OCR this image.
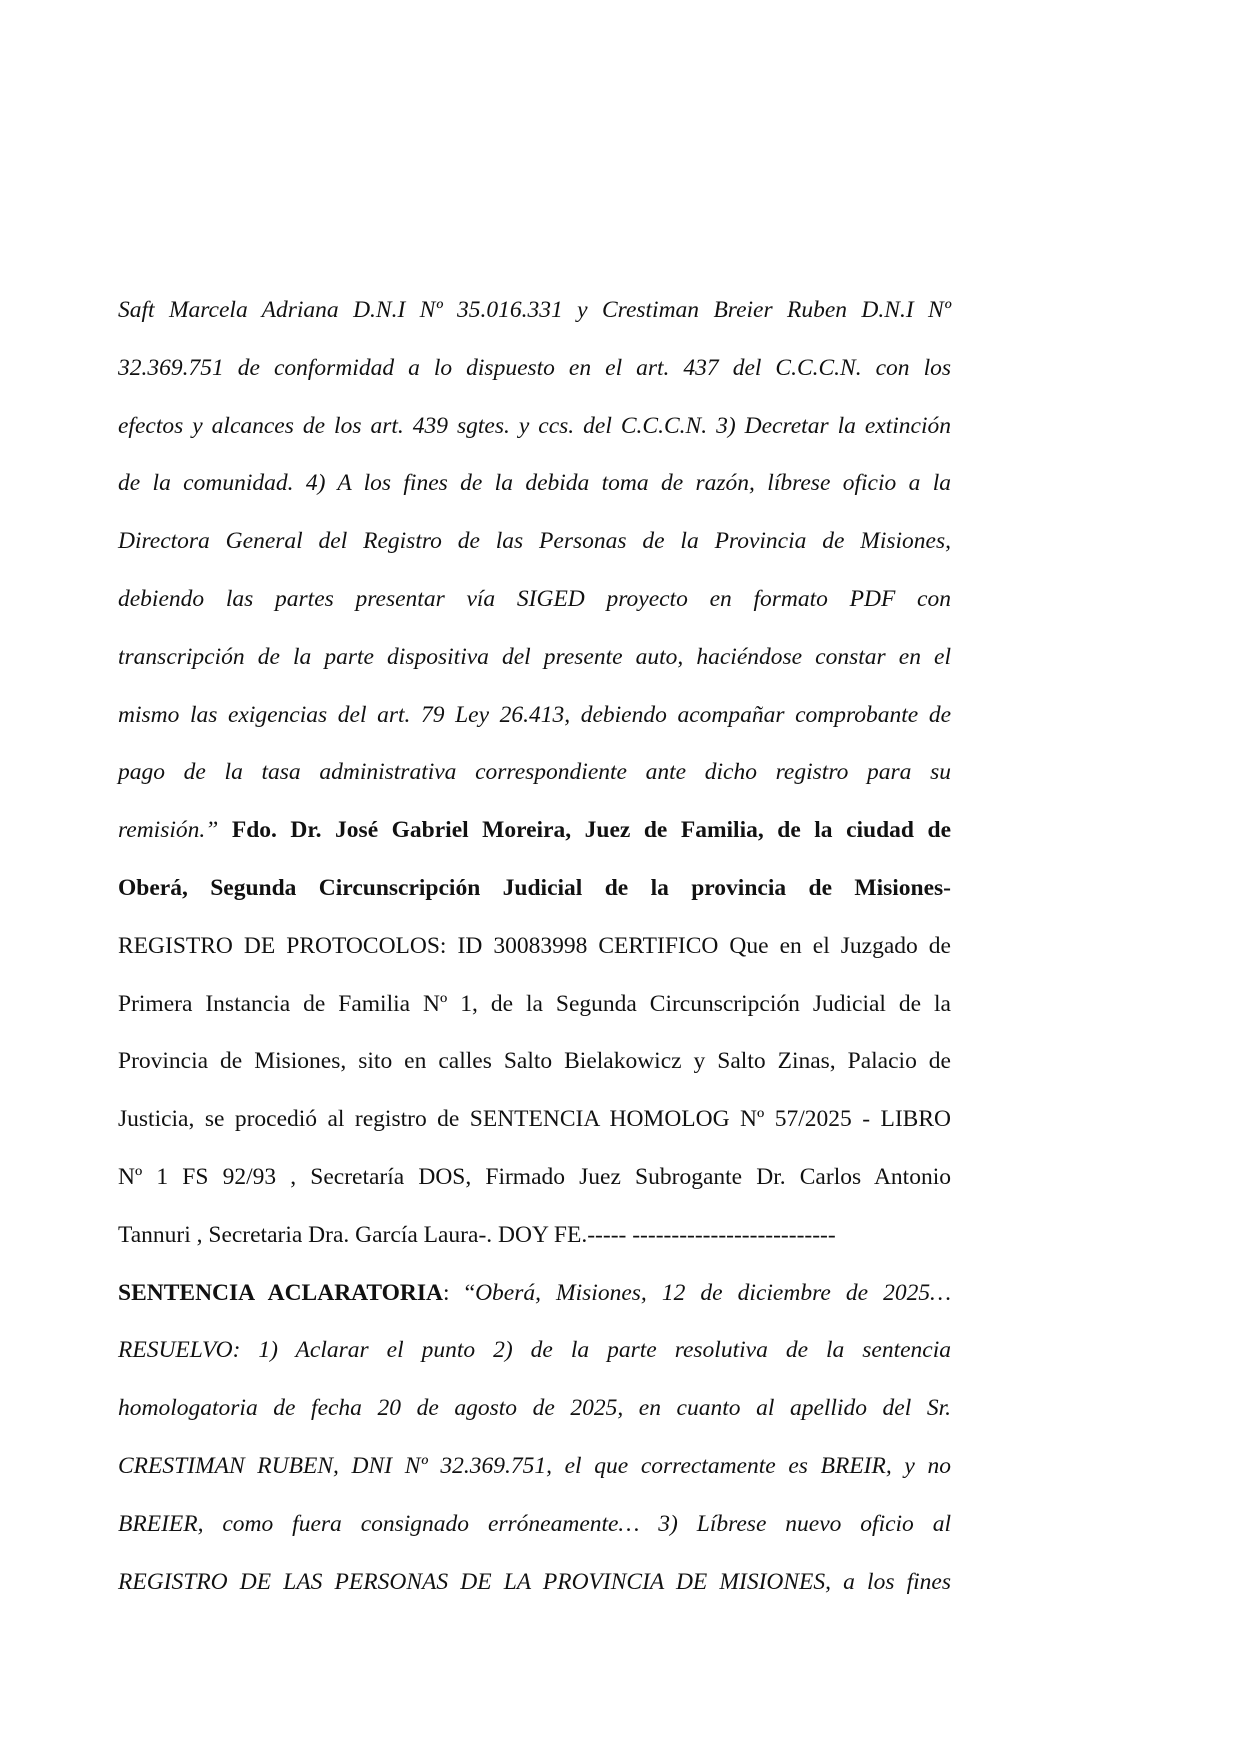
Saft Marcela Adriana D.N.I Nº 35.016.331 y Crestiman Breier Ruben D.N.I Nº
32.369.751 de conformidad a lo dispuesto en el art. 437 del C.C.C.N. con los
efectos y alcances de los art. 439 sgtes. y ccs. del C.C.C.N. 3) Decretar la extinción
de la comunidad. 4) A los fines de la debida toma de razón, líbrese oficio a la
Directora General del Registro de las Personas de la Provincia de Misiones,
debiendo las partes presentar vía SIGED proyecto en formato PDF con
transcripción de la parte dispositiva del presente auto, haciéndose constar en el
mismo las exigencias del art. 79 Ley 26.413, debiendo acompañar comprobante de
pago de la tasa administrativa correspondiente ante dicho registro para su
remisión.” Fdo. Dr. José Gabriel Moreira, Juez de Familia, de la ciudad de
Oberá, Segunda Circunscripción Judicial de la provincia de Misiones-
REGISTRO DE PROTOCOLOS: ID 30083998 CERTIFICO Que en el Juzgado de
Primera Instancia de Familia Nº 1, de la Segunda Circunscripción Judicial de la
Provincia de Misiones, sito en calles Salto Bielakowicz y Salto Zinas, Palacio de
Justicia, se procedió al registro de SENTENCIA HOMOLOG Nº 57/2025 - LIBRO
Nº 1 FS 92/93 , Secretaría DOS, Firmado Juez Subrogante Dr. Carlos Antonio
Tannuri , Secretaria Dra. García Laura-. DOY FE.----- --------------------------
SENTENCIA ACLARATORIA: “Oberá, Misiones, 12 de diciembre de 2025…
RESUELVO: 1) Aclarar el punto 2) de la parte resolutiva de la sentencia
homologatoria de fecha 20 de agosto de 2025, en cuanto al apellido del Sr.
CRESTIMAN RUBEN, DNI Nº 32.369.751, el que correctamente es BREIR, y no
BREIER, como fuera consignado erróneamente… 3) Líbrese nuevo oficio al
REGISTRO DE LAS PERSONAS DE LA PROVINCIA DE MISIONES, a los fines
